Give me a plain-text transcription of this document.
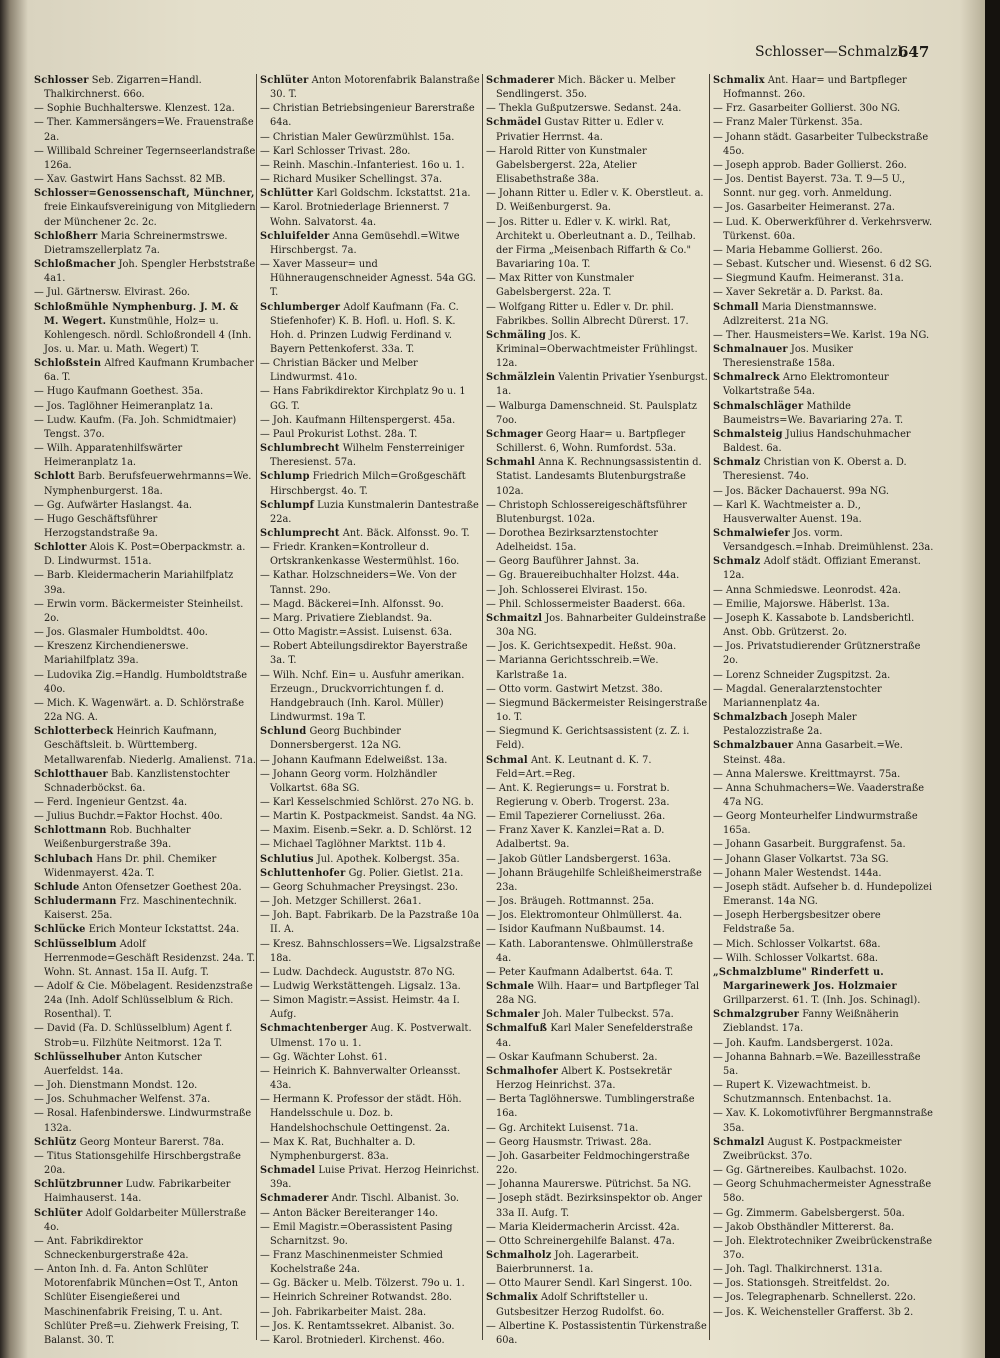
Schlosser—Schmalzl.
647

Schlosser Seb. Zigarren=Handl. Thalkirchnerst. 66o.

— Sophie Buchhalterswe. Klenzest. 12a.

— Ther. Kammersängers=We. Frauenstraße 2a.

— Willibald Schreiner Tegernseerlandstraße 126a.

— Xav. Gastwirt Hans Sachsst. 82 MB.

Schlosser=Genossenschaft, Münchner, freie Einkaufsvereinigung von Mitgliedern der Münchener 2c. 2c.

Schloßherr Maria Schreinermstrswe. Dietramszellerplatz 7a.

Schloßmacher Joh. Spengler Herbststraße 4a1.

— Jul. Gärtnersw. Elvirast. 26o.

Schloßmühle Nymphenburg. J. M. & M. Wegert. Kunstmühle, Holz= u. Kohlengesch. nördl. Schloßrondell 4 (Inh. Jos. u. Mar. u. Math. Wegert) T.

Schloßstein Alfred Kaufmann Krumbacher 6a. T.

— Hugo Kaufmann Goethest. 35a.

— Jos. Taglöhner Heimeranplatz 1a.

— Ludw. Kaufm. (Fa. Joh. Schmidtmaier) Tengst. 37o.

— Wilh. Apparatenhilfswärter Heimeranplatz 1a.

Schlott Barb. Berufsfeuerwehrmanns=We. Nymphenburgerst. 18a.

— Gg. Aufwärter Haslangst. 4a.

— Hugo Geschäftsführer Herzogstandstraße 9a.

Schlotter Alois K. Post=Oberpackmstr. a. D. Lindwurmst. 151a.

— Barb. Kleidermacherin Mariahilfplatz 39a.

— Erwin vorm. Bäckermeister Steinheilst. 2o.

— Jos. Glasmaler Humboldtst. 40o.

— Kreszenz Kirchendienerswe. Mariahilfplatz 39a.

— Ludovika Zig.=Handlg. Humboldtstraße 40o.

— Mich. K. Wagenwärt. a. D. Schlörstraße 22a NG. A.

Schlotterbeck Heinrich Kaufmann, Geschäftsleit. b. Württemberg. Metallwarenfab. Niederlg. Amalienst. 71a.

Schlotthauer Bab. Kanzlistenstochter Schnaderböckst. 6a.

— Ferd. Ingenieur Gentzst. 4a.

— Julius Buchdr.=Faktor Hochst. 40o.

Schlottmann Rob. Buchhalter Weißenburgerstraße 39a.

Schlubach Hans Dr. phil. Chemiker Widenmayerst. 42a. T.

Schlude Anton Ofensetzer Goethest 20a.

Schludermann Frz. Maschinentechnik. Kaiserst. 25a.

Schlücke Erich Monteur Ickstattst. 24a.

Schlüsselblum Adolf Herrenmode=Geschäft Residenzst. 24a. T. Wohn. St. Annast. 15a II. Aufg. T.

— Adolf & Cie. Möbelagent. Residenzstraße 24a (Inh. Adolf Schlüsselblum & Rich. Rosenthal). T.

— David (Fa. D. Schlüsselblum) Agent f. Strob=u. Filzhüte Neitmorst. 12a T.

Schlüsselhuber Anton Kutscher Auerfeldst. 14a.

— Joh. Dienstmann Mondst. 12o.

— Jos. Schuhmacher Welfenst. 37a.

— Rosal. Hafenbinderswe. Lindwurmstraße 132a.

Schlütz Georg Monteur Barerst. 78a.

— Titus Stationsgehilfe Hirschbergstraße 20a.

Schlützbrunner Ludw. Fabrikarbeiter Haimhauserst. 14a.

Schlüter Adolf Goldarbeiter Müllerstraße 4o.

— Ant. Fabrikdirektor Schneckenburgerstraße 42a.

— Anton Inh. d. Fa. Anton Schlüter Motorenfabrik München=Ost T., Anton Schlüter Eisengießerei und Maschinenfabrik Freising, T. u. Ant. Schlüter Preß=u. Ziehwerk Freising, T. Balanst. 30. T.

Schlüter Anton Motorenfabrik Balanstraße 30. T.

— Christian Betriebsingenieur Barerstraße 64a.

— Christian Maler Gewürzmühlst. 15a.

— Karl Schlosser Trivast. 28o.

— Reinh. Maschin.-Infanteriest. 16o u. 1.

— Richard Musiker Schellingst. 37a.

Schlütter Karl Goldschm. Ickstattst. 21a.

— Karol. Brotniederlage Briennerst. 7 Wohn. Salvatorst. 4a.

Schluifelder Anna Gemüsehdl.=Witwe Hirschbergst. 7a.

— Xaver Masseur= und Hühneraugenschneider Agnesst. 54a GG. T.

Schlumberger Adolf Kaufmann (Fa. C. Stiefenhofer) K. B. Hofl. u. Hofl. S. K. Hoh. d. Prinzen Ludwig Ferdinand v. Bayern Pettenkoferst. 33a. T.

— Christian Bäcker und Melber Lindwurmst. 41o.

— Hans Fabrikdirektor Kirchplatz 9o u. 1 GG. T.

— Joh. Kaufmann Hiltenspergerst. 45a.

— Paul Prokurist Lothst. 28a. T.

Schlumbrecht Wilhelm Fensterreiniger Theresienst. 57a.

Schlump Friedrich Milch=Großgeschäft Hirschbergst. 4o. T.

Schlumpf Luzia Kunstmalerin Dantestraße 22a.

Schlumprecht Ant. Bäck. Alfonsst. 9o. T.

— Friedr. Kranken=Kontrolleur d. Ortskrankenkasse Westermühlst. 16o.

— Kathar. Holzschneiders=We. Von der Tannst. 29o.

— Magd. Bäckerei=Inh. Alfonsst. 9o.

— Marg. Privatiere Zieblandst. 9a.

— Otto Magistr.=Assist. Luisenst. 63a.

— Robert Abteilungsdirektor Bayerstraße 3a. T.

— Wilh. Nchf. Ein= u. Ausfuhr amerikan. Erzeugn., Druckvorrichtungen f. d. Handgebrauch (Inh. Karol. Müller) Lindwurmst. 19a T.

Schlund Georg Buchbinder Donnersbergerst. 12a NG.

— Johann Kaufmann Edelweißst. 13a.

— Johann Georg vorm. Holzhändler Volkartst. 68a SG.

— Karl Kesselschmied Schlörst. 27o NG. b.

— Martin K. Postpackmeist. Sandst. 4a NG.

— Maxim. Eisenb.=Sekr. a. D. Schlörst. 12

— Michael Taglöhner Marktst. 11b 4.

Schlutius Jul. Apothek. Kolbergst. 35a.

Schluttenhofer Gg. Polier. Gietlst. 21a.

— Georg Schuhmacher Preysingst. 23o.

— Joh. Metzger Schillerst. 26a1.

— Joh. Bapt. Fabrikarb. De la Pazstraße 10a II. A.

— Kresz. Bahnschlossers=We. Ligsalzstraße 18a.

— Ludw. Dachdeck. Auguststr. 87o NG.

— Ludwig Werkstättengeh. Ligsalz. 13a.

— Simon Magistr.=Assist. Heimstr. 4a I. Aufg.

Schmachtenberger Aug. K. Postverwalt. Ulmenst. 17o u. 1.

— Gg. Wächter Lohst. 61.

— Heinrich K. Bahnverwalter Orleansst. 43a.

— Hermann K. Professor der städt. Höh. Handelsschule u. Doz. b. Handelshochschule Oettingenst. 2a.

— Max K. Rat, Buchhalter a. D. Nymphenburgerst. 83a.

Schmadel Luise Privat. Herzog Heinrichst. 39a.

Schmaderer Andr. Tischl. Albanist. 3o.

— Anton Bäcker Bereiteranger 14o.

— Emil Magistr.=Oberassistent Pasing Scharnitzst. 9o.

— Franz Maschinenmeister Schmied Kochelstraße 24a.

— Gg. Bäcker u. Melb. Tölzerst. 79o u. 1.

— Heinrich Schreiner Rotwandst. 28o.

— Joh. Fabrikarbeiter Maist. 28a.

— Jos. K. Rentamtssekret. Albanist. 3o.

— Karol. Brotniederl. Kirchenst. 46o.

Schmaderer Mich. Bäcker u. Melber Sendlingerst. 35o.

— Thekla Gußputzerswe. Sedanst. 24a.

Schmädel Gustav Ritter u. Edler v. Privatier Herrnst. 4a.

— Harold Ritter von Kunstmaler Gabelsbergerst. 22a, Atelier Elisabethstraße 38a.

— Johann Ritter u. Edler v. K. Oberstleut. a. D. Weißenburgerst. 9a.

— Jos. Ritter u. Edler v. K. wirkl. Rat, Architekt u. Oberleutnant a. D., Teilhab. der Firma „Meisenbach Riffarth & Co." Bavariaring 10a. T.

— Max Ritter von Kunstmaler Gabelsbergerst. 22a. T.

— Wolfgang Ritter u. Edler v. Dr. phil. Fabrikbes. Sollin Albrecht Dürerst. 17.

Schmäling Jos. K. Kriminal=Oberwachtmeister Frühlingst. 12a.

Schmälzlein Valentin Privatier Ysenburgst. 1a.

— Walburga Damenschneid. St. Paulsplatz 7oo.

Schmager Georg Haar= u. Bartpfleger Schillerst. 6, Wohn. Rumfordst. 53a.

Schmahl Anna K. Rechnungsassistentin d. Statist. Landesamts Blutenburgstraße 102a.

— Christoph Schlossereigeschäftsführer Blutenburgst. 102a.

— Dorothea Bezirksarztenstochter Adelheidst. 15a.

— Georg Bauführer Jahnst. 3a.

— Gg. Brauereibuchhalter Holzst. 44a.

— Joh. Schlosserei Elvirast. 15o.

— Phil. Schlossermeister Baaderst. 66a.

Schmaitzl Jos. Bahnarbeiter Guldeinstraße 30a NG.

— Jos. K. Gerichtsexpedit. Heßst. 90a.

— Marianna Gerichtsschreib.=We. Karlstraße 1a.

— Otto vorm. Gastwirt Metzst. 38o.

— Siegmund Bäckermeister Reisingerstraße 1o. T.

— Siegmund K. Gerichtsassistent (z. Z. i. Feld).

Schmal Ant. K. Leutnant d. K. 7. Feld=Art.=Reg.

— Ant. K. Regierungs= u. Forstrat b. Regierung v. Oberb. Trogerst. 23a.

— Emil Tapezierer Corneliusst. 26a.

— Franz Xaver K. Kanzlei=Rat a. D. Adalbertst. 9a.

— Jakob Gütler Landsbergerst. 163a.

— Johann Bräugehilfe Schleißheimerstraße 23a.

— Jos. Bräugeh. Rottmannst. 25a.

— Jos. Elektromonteur Ohlmüllerst. 4a.

— Isidor Kaufmann Nußbaumst. 14.

— Kath. Laborantenswe. Ohlmüllerstraße 4a.

— Peter Kaufmann Adalbertst. 64a. T.

Schmale Wilh. Haar= und Bartpfleger Tal 28a NG.

Schmaler Joh. Maler Tulbeckst. 57a.

Schmalfuß Karl Maler Senefelderstraße 4a.

— Oskar Kaufmann Schuberst. 2a.

Schmalhofer Albert K. Postsekretär Herzog Heinrichst. 37a.

— Berta Taglöhnerswe. Tumblingerstraße 16a.

— Gg. Architekt Luisenst. 71a.

— Georg Hausmstr. Triwast. 28a.

— Joh. Gasarbeiter Feldmochingerstraße 22o.

— Johanna Maurerswe. Pütrichst. 5a NG.

— Joseph städt. Bezirksinspektor ob. Anger 33a II. Aufg. T.

— Maria Kleidermacherin Arcisst. 42a.

— Otto Schreinergehilfe Balanst. 47a.

Schmalholz Joh. Lagerarbeit. Baierbrunnerst. 1a.

— Otto Maurer Sendl. Karl Singerst. 10o.

Schmalix Adolf Schriftsteller u. Gutsbesitzer Herzog Rudolfst. 6o.

— Albertine K. Postassistentin Türkenstraße 60a.

Schmalix Ant. Haar= und Bartpfleger Hofmannst. 26o.

— Frz. Gasarbeiter Gollierst. 30o NG.

— Franz Maler Türkenst. 35a.

— Johann städt. Gasarbeiter Tulbeckstraße 45o.

— Joseph approb. Bader Gollierst. 26o.

— Jos. Dentist Bayerst. 73a. T. 9—5 U., Sonnt. nur geg. vorh. Anmeldung.

— Jos. Gasarbeiter Heimeranst. 27a.

— Lud. K. Oberwerkführer d. Verkehrsverw. Türkenst. 60a.

— Maria Hebamme Gollierst. 26o.

— Sebast. Kutscher und. Wiesenst. 6 d2 SG.

— Siegmund Kaufm. Heimeranst. 31a.

— Xaver Sekretär a. D. Parkst. 8a.

Schmall Maria Dienstmannswe. Adlzreiterst. 21a NG.

— Ther. Hausmeisters=We. Karlst. 19a NG.

Schmalnauer Jos. Musiker Theresienstraße 158a.

Schmalreck Arno Elektromonteur Volkartstraße 54a.

Schmalschläger Mathilde Baumeistrs=We. Bavariaring 27a. T.

Schmalsteig Julius Handschuhmacher Baldest. 6a.

Schmalz Christian von K. Oberst a. D. Theresienst. 74o.

— Jos. Bäcker Dachauerst. 99a NG.

— Karl K. Wachtmeister a. D., Hausverwalter Auenst. 19a.

Schmalwiefer Jos. vorm. Versandgesch.=Inhab. Dreimühlenst. 23a.

Schmalz Adolf städt. Offiziant Emeranst. 12a.

— Anna Schmiedswe. Leonrodst. 42a.

— Emilie, Majorswe. Häberlst. 13a.

— Joseph K. Kassabote b. Landsberichtl. Anst. Obb. Grützerst. 2o.

— Jos. Privatstudierender Grütznerstraße 2o.

— Lorenz Schneider Zugspitzst. 2a.

— Magdal. Generalarztenstochter Mariannenplatz 4a.

Schmalzbach Joseph Maler Pestalozzistraße 2a.

Schmalzbauer Anna Gasarbeit.=We. Steinst. 48a.

— Anna Malerswe. Kreittmayrst. 75a.

— Anna Schuhmachers=We. Vaaderstraße 47a NG.

— Georg Monteurhelfer Lindwurmstraße 165a.

— Johann Gasarbeit. Burggrafenst. 5a.

— Johann Glaser Volkartst. 73a SG.

— Johann Maler Westendst. 144a.

— Joseph städt. Aufseher b. d. Hundepolizei Emeranst. 14a NG.

— Joseph Herbergsbesitzer obere Feldstraße 5a.

— Mich. Schlosser Volkartst. 68a.

— Wilh. Schlosser Volkartst. 68a.

„Schmalzblume" Rinderfett u. Margarinewerk Jos. Holzmaier Grillparzerst. 61. T. (Inh. Jos. Schinagl).

Schmalzgruber Fanny Weißnäherin Zieblandst. 17a.

— Joh. Kaufm. Landsbergerst. 102a.

— Johanna Bahnarb.=We. Bazeillesstraße 5a.

— Rupert K. Vizewachtmeist. b. Schutzmannsch. Entenbachst. 1a.

— Xav. K. Lokomotivführer Bergmannstraße 35a.

Schmalzl August K. Postpackmeister Zweibrückst. 37o.

— Gg. Gärtnereibes. Kaulbachst. 102o.

— Georg Schuhmachermeister Agnesstraße 58o.

— Gg. Zimmerm. Gabelsbergerst. 50a.

— Jakob Obsthändler Mittererst. 8a.

— Joh. Elektrotechniker Zweibrückenstraße 37o.

— Joh. Tagl. Thalkirchnerst. 131a.

— Jos. Stationsgeh. Streitfeldst. 2o.

— Jos. Telegraphenarb. Schnellerst. 22o.

— Jos. K. Weichensteller Grafferst. 3b 2.
